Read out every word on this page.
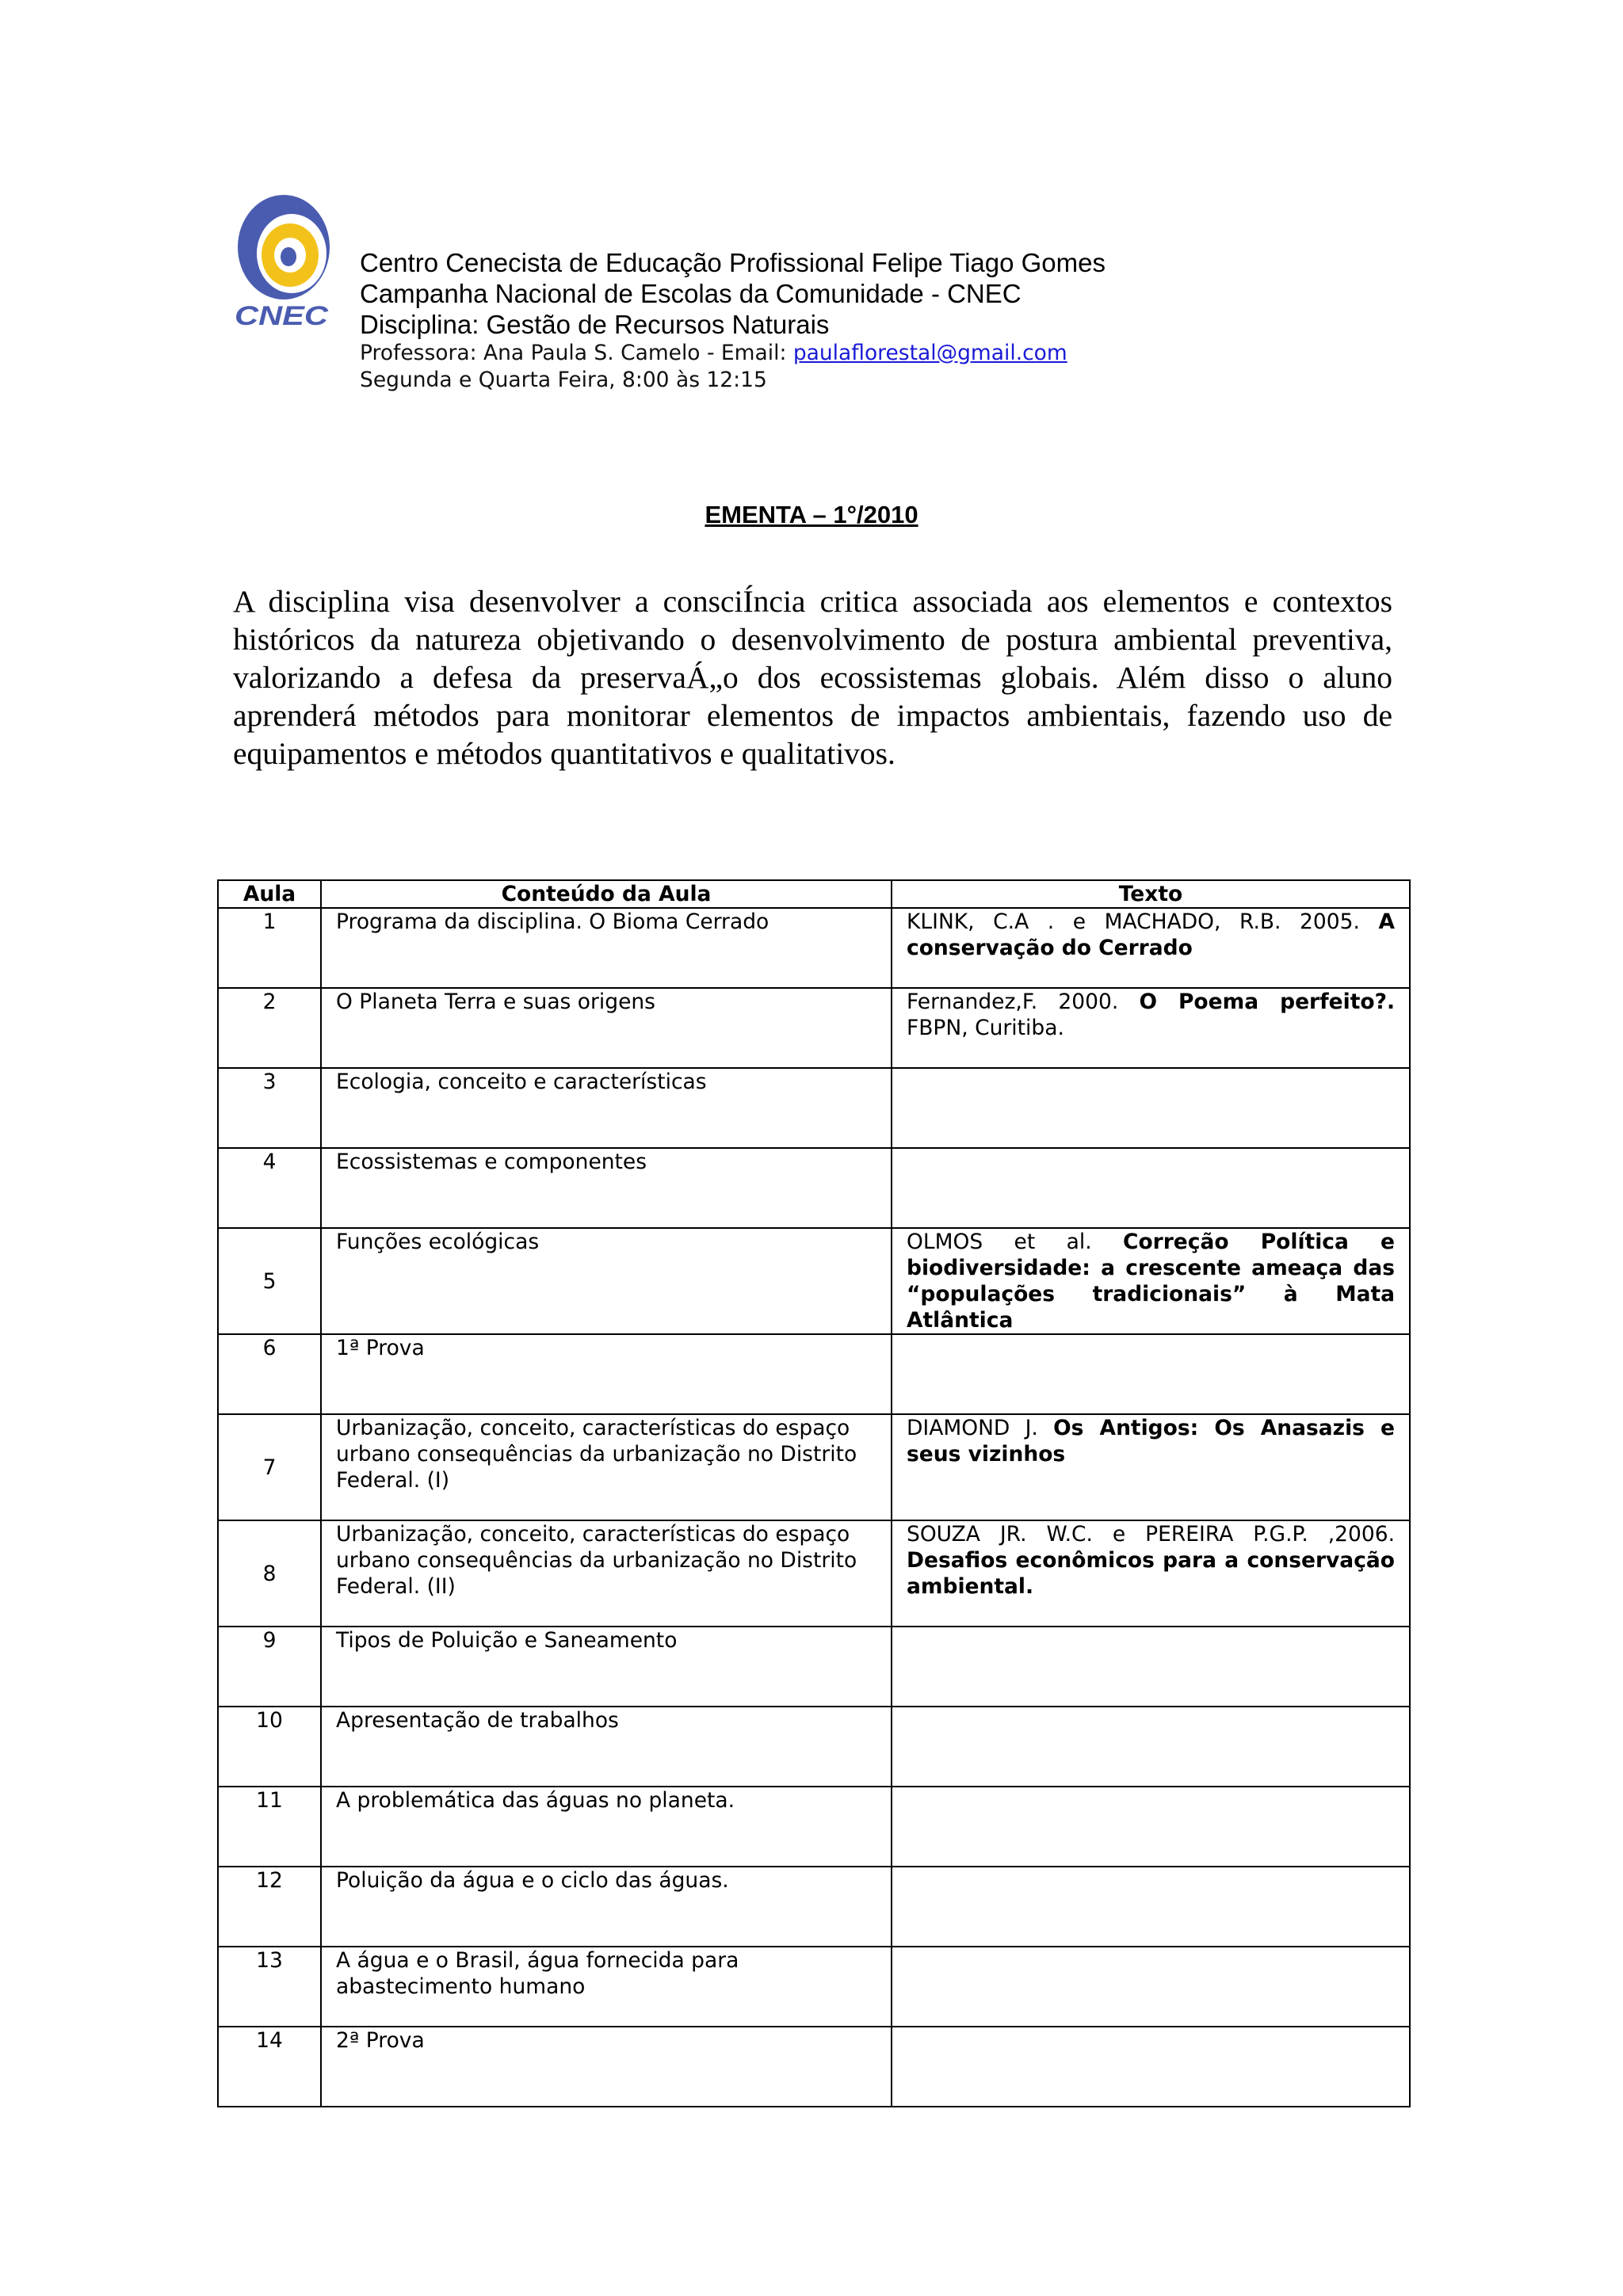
CNEC
Centro Cenecista de Educação Profissional Felipe Tiago Gomes
Campanha Nacional de Escolas da Comunidade - CNEC
Disciplina: Gestão de Recursos Naturais
Professora: Ana Paula S. Camelo - Email: paulaflorestal@gmail.com
Segunda e Quarta Feira, 8:00 às 12:15
EMENTA – 1°/2010
A disciplina visa desenvolver a consciÍncia critica associada aos elementos e contextos históricos da natureza objetivando o desenvolvimento de postura ambiental preventiva, valorizando a defesa da preservaÁ„o dos ecossistemas globais. Além disso o aluno aprenderá métodos para monitorar elementos de impactos ambientais, fazendo uso de equipamentos e métodos quantitativos e qualitativos.
Aula	Conteúdo da Aula	Texto
1	Programa da disciplina. O Bioma Cerrado	KLINK, C.A . e MACHADO, R.B. 2005. A conservação do Cerrado
2	O Planeta Terra e suas origens	Fernandez,F. 2000. O Poema perfeito?. FBPN, Curitiba.
3	Ecologia, conceito e características	
4	Ecossistemas e componentes	
5	Funções ecológicas	OLMOS et al. Correção Política e biodiversidade: a crescente ameaça das “populações tradicionais” à Mata Atlântica
6	1ª Prova	
7	Urbanização, conceito, características do espaço urbano consequências da urbanização no Distrito Federal. (I)	DIAMOND J. Os Antigos: Os Anasazis e seus vizinhos
8	Urbanização, conceito, características do espaço urbano consequências da urbanização no Distrito Federal. (II)	SOUZA JR. W.C. e PEREIRA P.G.P. ,2006. Desafios econômicos para a conservação ambiental.
9	Tipos de Poluição e Saneamento	
10	Apresentação de trabalhos	
11	A problemática das águas no planeta.	
12	Poluição da água e o ciclo das águas.	
13	A água e o Brasil, água fornecida para abastecimento humano	
14	2ª Prova	
